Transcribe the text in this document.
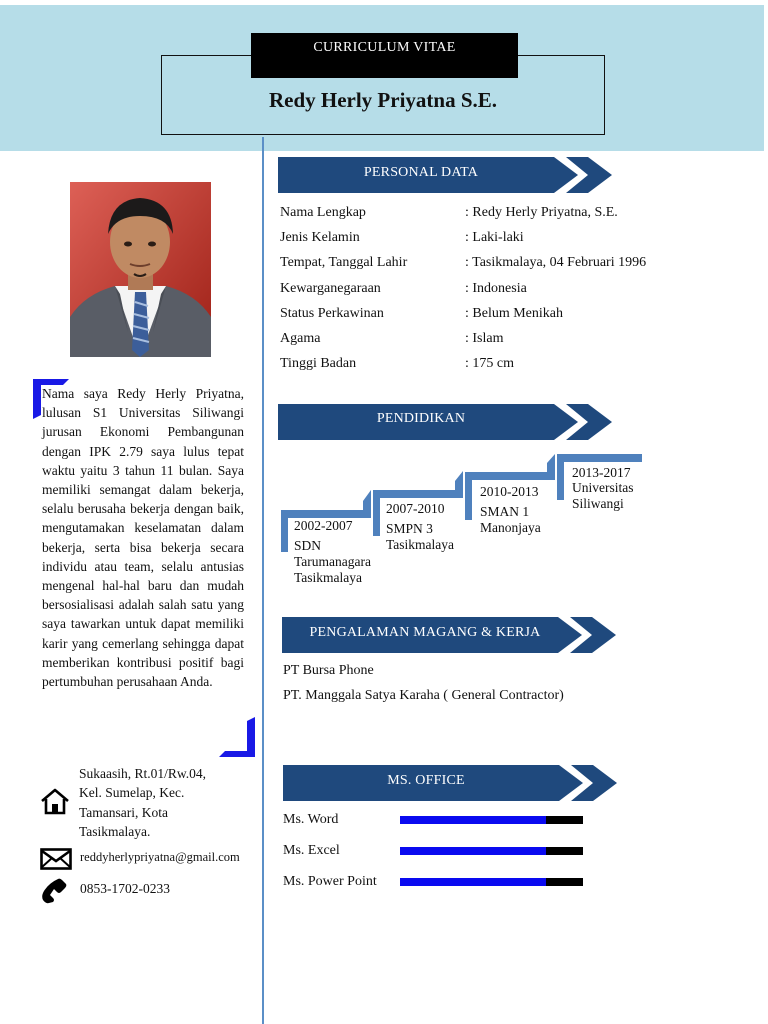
CURRICULUM VITAE
Redy Herly Priyatna S.E.
Nama saya Redy Herly Priyatna, lulusan S1 Universitas Siliwangi jurusan Ekonomi Pembangunan dengan IPK 2.79 saya lulus tepat waktu yaitu 3 tahun 11 bulan. Saya memiliki semangat dalam bekerja, selalu berusaha bekerja dengan baik, mengutamakan keselamatan dalam bekerja, serta bisa bekerja secara individu atau team, selalu antusias mengenal hal-hal baru dan mudah bersosialisasi adalah salah satu yang saya tawarkan untuk dapat memiliki karir yang cemerlang sehingga dapat memberikan kontribusi positif bagi pertumbuhan perusahaan Anda.
Sukaasih, Rt.01/Rw.04,
Kel. Sumelap, Kec.
Tamansari, Kota
Tasikmalaya.
reddyherlypriyatna@gmail.com
0853-1702-0233
PERSONAL DATA
Nama Lengkap	: Redy Herly Priyatna, S.E.
Jenis Kelamin	: Laki-laki
Tempat, Tanggal Lahir	: Tasikmalaya, 04 Februari 1996
Kewarganegaraan	: Indonesia
Status Perkawinan	: Belum Menikah
Agama	: Islam
Tinggi Badan	: 175 cm
PENDIDIKAN
2002-2007
SDN
Tarumanagara
Tasikmalaya
2007-2010
SMPN 3
Tasikmalaya
2010-2013
SMAN 1
Manonjaya
2013-2017
Universitas
Siliwangi
PENGALAMAN MAGANG & KERJA
PT Bursa Phone
PT. Manggala Satya Karaha ( General Contractor)
MS. OFFICE
Ms. Word
Ms. Excel
Ms. Power Point
